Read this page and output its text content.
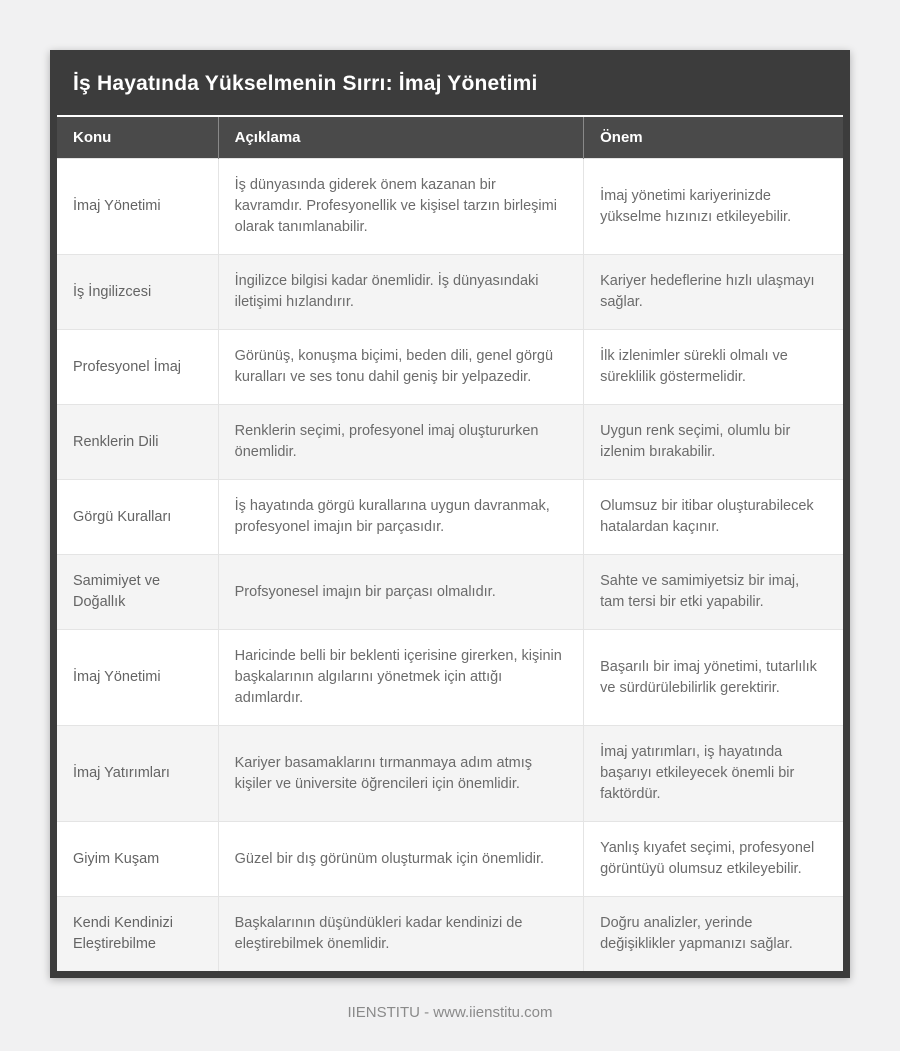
İş Hayatında Yükselmenin Sırrı: İmaj Yönetimi
Konu	Açıklama	Önem
İmaj Yönetimi	İş dünyasında giderek önem kazanan bir kavramdır. Profesyonellik ve kişisel tarzın birleşimi olarak tanımlanabilir.	İmaj yönetimi kariyerinizde yükselme hızınızı etkileyebilir.
İş İngilizcesi	İngilizce bilgisi kadar önemlidir. İş dünyasındaki iletişimi hızlandırır.	Kariyer hedeflerine hızlı ulaşmayı sağlar.
Profesyonel İmaj	Görünüş, konuşma biçimi, beden dili, genel görgü kuralları ve ses tonu dahil geniş bir yelpazedir.	İlk izlenimler sürekli olmalı ve süreklilik göstermelidir.
Renklerin Dili	Renklerin seçimi, profesyonel imaj oluştururken önemlidir.	Uygun renk seçimi, olumlu bir izlenim bırakabilir.
Görgü Kuralları	İş hayatında görgü kurallarına uygun davranmak, profesyonel imajın bir parçasıdır.	Olumsuz bir itibar oluşturabilecek hatalardan kaçınır.
Samimiyet ve Doğallık	Profsyonesel imajın bir parçası olmalıdır.	Sahte ve samimiyetsiz bir imaj, tam tersi bir etki yapabilir.
İmaj Yönetimi	Haricinde belli bir beklenti içerisine girerken, kişinin başkalarının algılarını yönetmek için attığı adımlardır.	Başarılı bir imaj yönetimi, tutarlılık ve sürdürülebilirlik gerektirir.
İmaj Yatırımları	Kariyer basamaklarını tırmanmaya adım atmış kişiler ve üniversite öğrencileri için önemlidir.	İmaj yatırımları, iş hayatında başarıyı etkileyecek önemli bir faktördür.
Giyim Kuşam	Güzel bir dış görünüm oluşturmak için önemlidir.	Yanlış kıyafet seçimi, profesyonel görüntüyü olumsuz etkileyebilir.
Kendi Kendinizi Eleştirebilme	Başkalarının düşündükleri kadar kendinizi de eleştirebilmek önemlidir.	Doğru analizler, yerinde değişiklikler yapmanızı sağlar.
IIENSTITU - www.iienstitu.com
